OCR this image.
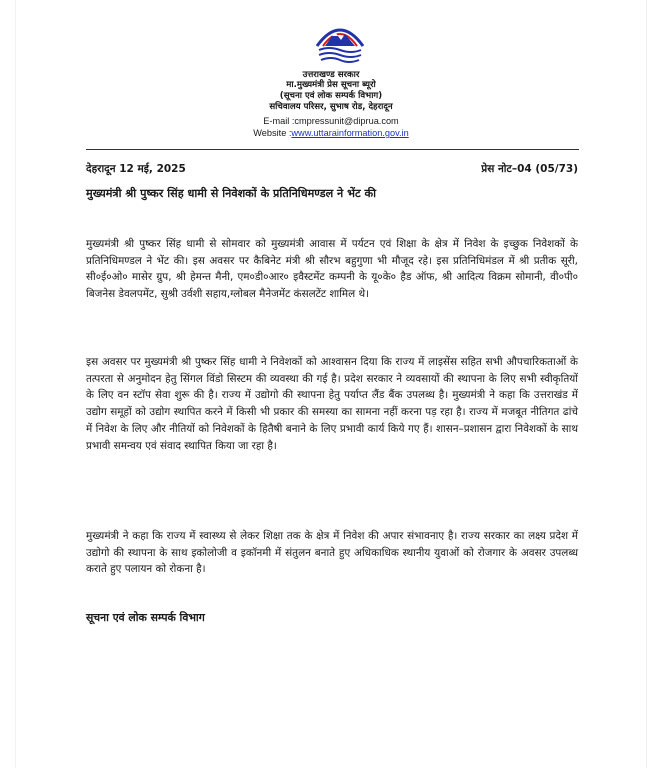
उत्तराखण्ड सरकार
मा.मुख्यमंत्री प्रेस सूचना ब्यूरो
(सूचना एवं लोक सम्पर्क विभाग)
सचिवालय परिसर, सुभाष रोड, देहरादून
E-mail :cmpressunit@diprua.com
Website :www.uttarainformation.gov.in
देहरादून 12 मई, 2025	प्रेस नोट–04 (05/73)
मुख्यमंत्री श्री पुष्कर सिंह धामी से निवेशकों के प्रतिनिधिमण्डल ने भेंट की

मुख्यमंत्री श्री पुष्कर सिंह धामी से सोमवार को मुख्यमंत्री आवास में पर्यटन एवं शिक्षा के क्षेत्र में निवेश के इच्छुक निवेशकों के प्रतिनिधिमण्डल ने भेंट की। इस अवसर पर कैबिनेट मंत्री श्री सौरभ बहुगुणा भी मौजूद रहे। इस प्रतिनिधिमंडल में श्री प्रतीक सूरी, सी०ई०ओ० मासेर ग्रुप, श्री हेमन्त मैनी, एम०डी०आर० इवैस्टमेंट कम्पनी के यू०के० हैड ऑफ, श्री आदित्य विक्रम सोमानी, वी०पी० बिजनेस डेवलपमेंट, सुश्री उर्वशी सहाय,ग्लोबल मैनेजमेंट कंसलटेंट शामिल थे।

इस अवसर पर मुख्यमंत्री श्री पुष्कर सिंह धामी ने निवेशकों को आश्वासन दिया कि राज्य में लाइसेंस सहित सभी औपचारिकताओं के तत्परता से अनुमोदन हेतु सिंगल विंडो सिस्टम की व्यवस्था की गई है। प्रदेश सरकार ने व्यवसायों की स्थापना के लिए सभी स्वीकृतियों के लिए वन स्टॉप सेवा शुरू की है। राज्य में उद्योगो की स्थापना हेतु पर्याप्त लैंड बैंक उपलब्ध है। मुख्यमंत्री ने कहा कि उत्तराखंड में उद्योग समूहों को उद्योग स्थापित करने में किसी भी प्रकार की समस्या का सामना नहीं करना पड़ रहा है। राज्य में मजबूत नीतिगत ढांचे में निवेश के लिए और नीतियों को निवेशकों के हितैषी बनाने के लिए प्रभावी कार्य किये गए हैं। शासन–प्रशासन द्वारा निवेशकों के साथ प्रभावी समन्वय एवं संवाद स्थापित किया जा रहा है।

मुख्यमंत्री ने कहा कि राज्य में स्वास्थ्य से लेकर शिक्षा तक के क्षेत्र में निवेश की अपार संभावनाए है। राज्य सरकार का लक्ष्य प्रदेश में उद्योगो की स्थापना के साथ इकोलोजी व इकॉनमी में संतुलन बनाते हुए अधिकाधिक स्थानीय युवाओं को रोजगार के अवसर उपलब्ध कराते हुए पलायन को रोकना है।

सूचना एवं लोक सम्पर्क विभाग
